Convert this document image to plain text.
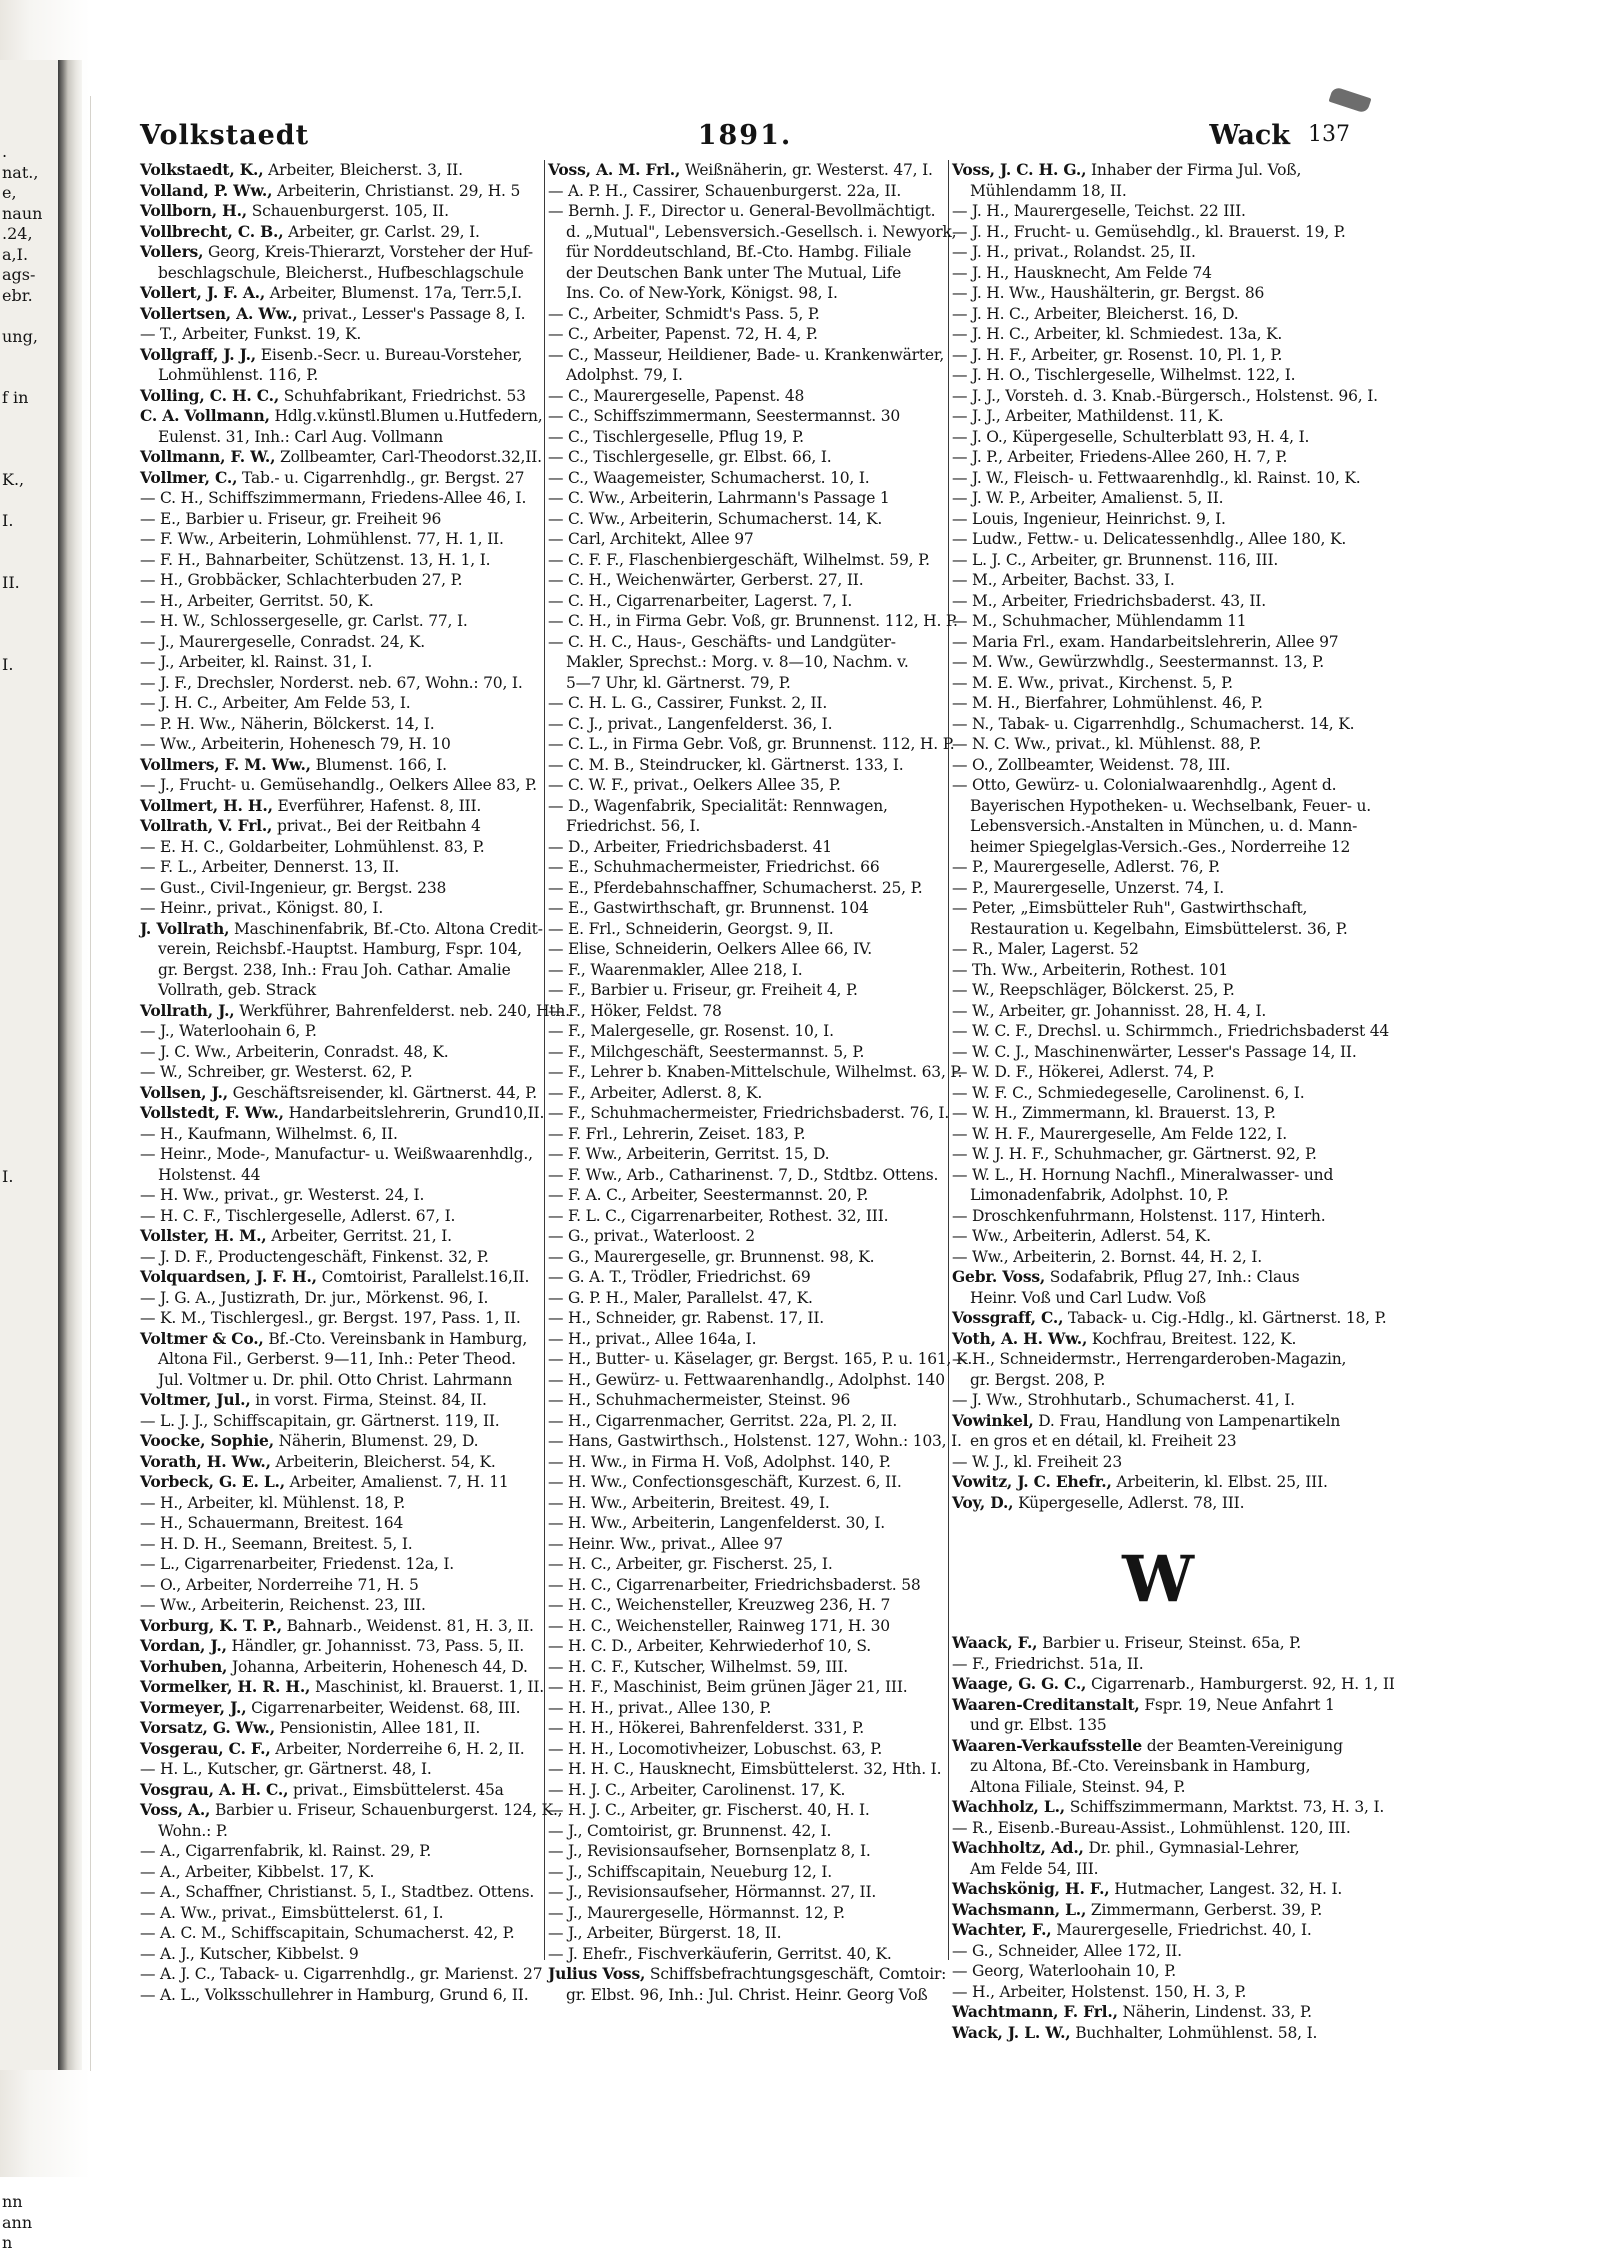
.
nat.,
e,
naun
.24,
a,I.
ags-
ebr.
ung,
f in
K.,
I.
II.
I.
I.
nn
ann
n
Volkstaedt	1891.	Wack 137
Volkstaedt, K., Arbeiter, Bleicherst. 3, II.
Volland, P. Ww., Arbeiterin, Christianst. 29, H. 5
Vollborn, H., Schauenburgerst. 105, II.
Vollbrecht, C. B., Arbeiter, gr. Carlst. 29, I.
Vollers, Georg, Kreis-Thierarzt, Vorsteher der Huf-
beschlagschule, Bleicherst., Hufbeschlagschule
Vollert, J. F. A., Arbeiter, Blumenst. 17a, Terr.5,I.
Vollertsen, A. Ww., privat., Lesser's Passage 8, I.
— T., Arbeiter, Funkst. 19, K.
Vollgraff, J. J., Eisenb.-Secr. u. Bureau-Vorsteher,
Lohmühlenst. 116, P.
Volling, C. H. C., Schuhfabrikant, Friedrichst. 53
C. A. Vollmann, Hdlg.v.künstl.Blumen u.Hutfedern,
Eulenst. 31, Inh.: Carl Aug. Vollmann
Vollmann, F. W., Zollbeamter, Carl-Theodorst.32,II.
Vollmer, C., Tab.- u. Cigarrenhdlg., gr. Bergst. 27
— C. H., Schiffszimmermann, Friedens-Allee 46, I.
— E., Barbier u. Friseur, gr. Freiheit 96
— F. Ww., Arbeiterin, Lohmühlenst. 77, H. 1, II.
— F. H., Bahnarbeiter, Schützenst. 13, H. 1, I.
— H., Grobbäcker, Schlachterbuden 27, P.
— H., Arbeiter, Gerritst. 50, K.
— H. W., Schlossergeselle, gr. Carlst. 77, I.
— J., Maurergeselle, Conradst. 24, K.
— J., Arbeiter, kl. Rainst. 31, I.
— J. F., Drechsler, Norderst. neb. 67, Wohn.: 70, I.
— J. H. C., Arbeiter, Am Felde 53, I.
— P. H. Ww., Näherin, Bölckerst. 14, I.
— Ww., Arbeiterin, Hohenesch 79, H. 10
Vollmers, F. M. Ww., Blumenst. 166, I.
— J., Frucht- u. Gemüsehandlg., Oelkers Allee 83, P.
Vollmert, H. H., Everführer, Hafenst. 8, III.
Vollrath, V. Frl., privat., Bei der Reitbahn 4
— E. H. C., Goldarbeiter, Lohmühlenst. 83, P.
— F. L., Arbeiter, Dennerst. 13, II.
— Gust., Civil-Ingenieur, gr. Bergst. 238
— Heinr., privat., Königst. 80, I.
J. Vollrath, Maschinenfabrik, Bf.-Cto. Altona Credit-
verein, Reichsbf.-Hauptst. Hamburg, Fspr. 104,
gr. Bergst. 238, Inh.: Frau Joh. Cathar. Amalie
Vollrath, geb. Strack
Vollrath, J., Werkführer, Bahrenfelderst. neb. 240, Hth.
— J., Waterloohain 6, P.
— J. C. Ww., Arbeiterin, Conradst. 48, K.
— W., Schreiber, gr. Westerst. 62, P.
Vollsen, J., Geschäftsreisender, kl. Gärtnerst. 44, P.
Vollstedt, F. Ww., Handarbeitslehrerin, Grund10,II.
— H., Kaufmann, Wilhelmst. 6, II.
— Heinr., Mode-, Manufactur- u. Weißwaarenhdlg.,
Holstenst. 44
— H. Ww., privat., gr. Westerst. 24, I.
— H. C. F., Tischlergeselle, Adlerst. 67, I.
Vollster, H. M., Arbeiter, Gerritst. 21, I.
— J. D. F., Productengeschäft, Finkenst. 32, P.
Volquardsen, J. F. H., Comtoirist, Parallelst.16,II.
— J. G. A., Justizrath, Dr. jur., Mörkenst. 96, I.
— K. M., Tischlergesl., gr. Bergst. 197, Pass. 1, II.
Voltmer & Co., Bf.-Cto. Vereinsbank in Hamburg,
Altona Fil., Gerberst. 9—11, Inh.: Peter Theod.
Jul. Voltmer u. Dr. phil. Otto Christ. Lahrmann
Voltmer, Jul., in vorst. Firma, Steinst. 84, II.
— L. J. J., Schiffscapitain, gr. Gärtnerst. 119, II.
Voocke, Sophie, Näherin, Blumenst. 29, D.
Vorath, H. Ww., Arbeiterin, Bleicherst. 54, K.
Vorbeck, G. E. L., Arbeiter, Amalienst. 7, H. 11
— H., Arbeiter, kl. Mühlenst. 18, P.
— H., Schauermann, Breitest. 164
— H. D. H., Seemann, Breitest. 5, I.
— L., Cigarrenarbeiter, Friedenst. 12a, I.
— O., Arbeiter, Norderreihe 71, H. 5
— Ww., Arbeiterin, Reichenst. 23, III.
Vorburg, K. T. P., Bahnarb., Weidenst. 81, H. 3, II.
Vordan, J., Händler, gr. Johannisst. 73, Pass. 5, II.
Vorhuben, Johanna, Arbeiterin, Hohenesch 44, D.
Vormelker, H. R. H., Maschinist, kl. Brauerst. 1, II.
Vormeyer, J., Cigarrenarbeiter, Weidenst. 68, III.
Vorsatz, G. Ww., Pensionistin, Allee 181, II.
Vosgerau, C. F., Arbeiter, Norderreihe 6, H. 2, II.
— H. L., Kutscher, gr. Gärtnerst. 48, I.
Vosgrau, A. H. C., privat., Eimsbüttelerst. 45a
Voss, A., Barbier u. Friseur, Schauenburgerst. 124, K.,
Wohn.: P.
— A., Cigarrenfabrik, kl. Rainst. 29, P.
— A., Arbeiter, Kibbelst. 17, K.
— A., Schaffner, Christianst. 5, I., Stadtbez. Ottens.
— A. Ww., privat., Eimsbüttelerst. 61, I.
— A. C. M., Schiffscapitain, Schumacherst. 42, P.
— A. J., Kutscher, Kibbelst. 9
— A. J. C., Taback- u. Cigarrenhdlg., gr. Marienst. 27
— A. L., Volksschullehrer in Hamburg, Grund 6, II.
Voss, A. M. Frl., Weißnäherin, gr. Westerst. 47, I.
— A. P. H., Cassirer, Schauenburgerst. 22a, II.
— Bernh. J. F., Director u. General-Bevollmächtigt.
d. „Mutual", Lebensversich.-Gesellsch. i. Newyork,
für Norddeutschland, Bf.-Cto. Hambg. Filiale
der Deutschen Bank unter The Mutual, Life
Ins. Co. of New-York, Königst. 98, I.
— C., Arbeiter, Schmidt's Pass. 5, P.
— C., Arbeiter, Papenst. 72, H. 4, P.
— C., Masseur, Heildiener, Bade- u. Krankenwärter,
Adolphst. 79, I.
— C., Maurergeselle, Papenst. 48
— C., Schiffszimmermann, Seestermannst. 30
— C., Tischlergeselle, Pflug 19, P.
— C., Tischlergeselle, gr. Elbst. 66, I.
— C., Waagemeister, Schumacherst. 10, I.
— C. Ww., Arbeiterin, Lahrmann's Passage 1
— C. Ww., Arbeiterin, Schumacherst. 14, K.
— Carl, Architekt, Allee 97
— C. F. F., Flaschenbiergeschäft, Wilhelmst. 59, P.
— C. H., Weichenwärter, Gerberst. 27, II.
— C. H., Cigarrenarbeiter, Lagerst. 7, I.
— C. H., in Firma Gebr. Voß, gr. Brunnenst. 112, H. P.
— C. H. C., Haus-, Geschäfts- und Landgüter-
Makler, Sprechst.: Morg. v. 8—10, Nachm. v.
5—7 Uhr, kl. Gärtnerst. 79, P.
— C. H. L. G., Cassirer, Funkst. 2, II.
— C. J., privat., Langenfelderst. 36, I.
— C. L., in Firma Gebr. Voß, gr. Brunnenst. 112, H. P.
— C. M. B., Steindrucker, kl. Gärtnerst. 133, I.
— C. W. F., privat., Oelkers Allee 35, P.
— D., Wagenfabrik, Specialität: Rennwagen,
Friedrichst. 56, I.
— D., Arbeiter, Friedrichsbaderst. 41
— E., Schuhmachermeister, Friedrichst. 66
— E., Pferdebahnschaffner, Schumacherst. 25, P.
— E., Gastwirthschaft, gr. Brunnenst. 104
— E. Frl., Schneiderin, Georgst. 9, II.
— Elise, Schneiderin, Oelkers Allee 66, IV.
— F., Waarenmakler, Allee 218, I.
— F., Barbier u. Friseur, gr. Freiheit 4, P.
— F., Höker, Feldst. 78
— F., Malergeselle, gr. Rosenst. 10, I.
— F., Milchgeschäft, Seestermannst. 5, P.
— F., Lehrer b. Knaben-Mittelschule, Wilhelmst. 63, P.
— F., Arbeiter, Adlerst. 8, K.
— F., Schuhmachermeister, Friedrichsbaderst. 76, I.
— F. Frl., Lehrerin, Zeiset. 183, P.
— F. Ww., Arbeiterin, Gerritst. 15, D.
— F. Ww., Arb., Catharinenst. 7, D., Stdtbz. Ottens.
— F. A. C., Arbeiter, Seestermannst. 20, P.
— F. L. C., Cigarrenarbeiter, Rothest. 32, III.
— G., privat., Waterloost. 2
— G., Maurergeselle, gr. Brunnenst. 98, K.
— G. A. T., Trödler, Friedrichst. 69
— G. P. H., Maler, Parallelst. 47, K.
— H., Schneider, gr. Rabenst. 17, II.
— H., privat., Allee 164a, I.
— H., Butter- u. Käselager, gr. Bergst. 165, P. u. 161, K.
— H., Gewürz- u. Fettwaarenhandlg., Adolphst. 140
— H., Schuhmachermeister, Steinst. 96
— H., Cigarrenmacher, Gerritst. 22a, Pl. 2, II.
— Hans, Gastwirthsch., Holstenst. 127, Wohn.: 103, I.
— H. Ww., in Firma H. Voß, Adolphst. 140, P.
— H. Ww., Confectionsgeschäft, Kurzest. 6, II.
— H. Ww., Arbeiterin, Breitest. 49, I.
— H. Ww., Arbeiterin, Langenfelderst. 30, I.
— Heinr. Ww., privat., Allee 97
— H. C., Arbeiter, gr. Fischerst. 25, I.
— H. C., Cigarrenarbeiter, Friedrichsbaderst. 58
— H. C., Weichensteller, Kreuzweg 236, H. 7
— H. C., Weichensteller, Rainweg 171, H. 30
— H. C. D., Arbeiter, Kehrwiederhof 10, S.
— H. C. F., Kutscher, Wilhelmst. 59, III.
— H. F., Maschinist, Beim grünen Jäger 21, III.
— H. H., privat., Allee 130, P.
— H. H., Hökerei, Bahrenfelderst. 331, P.
— H. H., Locomotivheizer, Lobuschst. 63, P.
— H. H. C., Hausknecht, Eimsbüttelerst. 32, Hth. I.
— H. J. C., Arbeiter, Carolinenst. 17, K.
— H. J. C., Arbeiter, gr. Fischerst. 40, H. I.
— J., Comtoirist, gr. Brunnenst. 42, I.
— J., Revisionsaufseher, Bornsenplatz 8, I.
— J., Schiffscapitain, Neueburg 12, I.
— J., Revisionsaufseher, Hörmannst. 27, II.
— J., Maurergeselle, Hörmannst. 12, P.
— J., Arbeiter, Bürgerst. 18, II.
— J. Ehefr., Fischverkäuferin, Gerritst. 40, K.
Julius Voss, Schiffsbefrachtungsgeschäft, Comtoir:
gr. Elbst. 96, Inh.: Jul. Christ. Heinr. Georg Voß
Voss, J. C. H. G., Inhaber der Firma Jul. Voß,
Mühlendamm 18, II.
— J. H., Maurergeselle, Teichst. 22 III.
— J. H., Frucht- u. Gemüsehdlg., kl. Brauerst. 19, P.
— J. H., privat., Rolandst. 25, II.
— J. H., Hausknecht, Am Felde 74
— J. H. Ww., Haushälterin, gr. Bergst. 86
— J. H. C., Arbeiter, Bleicherst. 16, D.
— J. H. C., Arbeiter, kl. Schmiedest. 13a, K.
— J. H. F., Arbeiter, gr. Rosenst. 10, Pl. 1, P.
— J. H. O., Tischlergeselle, Wilhelmst. 122, I.
— J. J., Vorsteh. d. 3. Knab.-Bürgersch., Holstenst. 96, I.
— J. J., Arbeiter, Mathildenst. 11, K.
— J. O., Küpergeselle, Schulterblatt 93, H. 4, I.
— J. P., Arbeiter, Friedens-Allee 260, H. 7, P.
— J. W., Fleisch- u. Fettwaarenhdlg., kl. Rainst. 10, K.
— J. W. P., Arbeiter, Amalienst. 5, II.
— Louis, Ingenieur, Heinrichst. 9, I.
— Ludw., Fettw.- u. Delicatessenhdlg., Allee 180, K.
— L. J. C., Arbeiter, gr. Brunnenst. 116, III.
— M., Arbeiter, Bachst. 33, I.
— M., Arbeiter, Friedrichsbaderst. 43, II.
— M., Schuhmacher, Mühlendamm 11
— Maria Frl., exam. Handarbeitslehrerin, Allee 97
— M. Ww., Gewürzwhdlg., Seestermannst. 13, P.
— M. E. Ww., privat., Kirchenst. 5, P.
— M. H., Bierfahrer, Lohmühlenst. 46, P.
— N., Tabak- u. Cigarrenhdlg., Schumacherst. 14, K.
— N. C. Ww., privat., kl. Mühlenst. 88, P.
— O., Zollbeamter, Weidenst. 78, III.
— Otto, Gewürz- u. Colonialwaarenhdlg., Agent d.
Bayerischen Hypotheken- u. Wechselbank, Feuer- u.
Lebensversich.-Anstalten in München, u. d. Mann-
heimer Spiegelglas-Versich.-Ges., Norderreihe 12
— P., Maurergeselle, Adlerst. 76, P.
— P., Maurergeselle, Unzerst. 74, I.
— Peter, „Eimsbütteler Ruh", Gastwirthschaft,
Restauration u. Kegelbahn, Eimsbüttelerst. 36, P.
— R., Maler, Lagerst. 52
— Th. Ww., Arbeiterin, Rothest. 101
— W., Reepschläger, Bölckerst. 25, P.
— W., Arbeiter, gr. Johannisst. 28, H. 4, I.
— W. C. F., Drechsl. u. Schirmmch., Friedrichsbaderst 44
— W. C. J., Maschinenwärter, Lesser's Passage 14, II.
— W. D. F., Hökerei, Adlerst. 74, P.
— W. F. C., Schmiedegeselle, Carolinenst. 6, I.
— W. H., Zimmermann, kl. Brauerst. 13, P.
— W. H. F., Maurergeselle, Am Felde 122, I.
— W. J. H. F., Schuhmacher, gr. Gärtnerst. 92, P.
— W. L., H. Hornung Nachfl., Mineralwasser- und
Limonadenfabrik, Adolphst. 10, P.
— Droschkenfuhrmann, Holstenst. 117, Hinterh.
— Ww., Arbeiterin, Adlerst. 54, K.
— Ww., Arbeiterin, 2. Bornst. 44, H. 2, I.
Gebr. Voss, Sodafabrik, Pflug 27, Inh.: Claus
Heinr. Voß und Carl Ludw. Voß
Vossgraff, C., Taback- u. Cig.-Hdlg., kl. Gärtnerst. 18, P.
Voth, A. H. Ww., Kochfrau, Breitest. 122, K.
— H., Schneidermstr., Herrengarderoben-Magazin,
gr. Bergst. 208, P.
— J. Ww., Strohhutarb., Schumacherst. 41, I.
Vowinkel, D. Frau, Handlung von Lampenartikeln
en gros et en détail, kl. Freiheit 23
— W. J., kl. Freiheit 23
Vowitz, J. C. Ehefr., Arbeiterin, kl. Elbst. 25, III.
Voy, D., Küpergeselle, Adlerst. 78, III.
W
Waack, F., Barbier u. Friseur, Steinst. 65a, P.
— F., Friedrichst. 51a, II.
Waage, G. G. C., Cigarrenarb., Hamburgerst. 92, H. 1, II
Waaren-Creditanstalt, Fspr. 19, Neue Anfahrt 1
und gr. Elbst. 135
Waaren-Verkaufsstelle der Beamten-Vereinigung
zu Altona, Bf.-Cto. Vereinsbank in Hamburg,
Altona Filiale, Steinst. 94, P.
Wachholz, L., Schiffszimmermann, Marktst. 73, H. 3, I.
— R., Eisenb.-Bureau-Assist., Lohmühlenst. 120, III.
Wachholtz, Ad., Dr. phil., Gymnasial-Lehrer,
Am Felde 54, III.
Wachskönig, H. F., Hutmacher, Langest. 32, H. I.
Wachsmann, L., Zimmermann, Gerberst. 39, P.
Wachter, F., Maurergeselle, Friedrichst. 40, I.
— G., Schneider, Allee 172, II.
— Georg, Waterloohain 10, P.
— H., Arbeiter, Holstenst. 150, H. 3, P.
Wachtmann, F. Frl., Näherin, Lindenst. 33, P.
Wack, J. L. W., Buchhalter, Lohmühlenst. 58, I.
